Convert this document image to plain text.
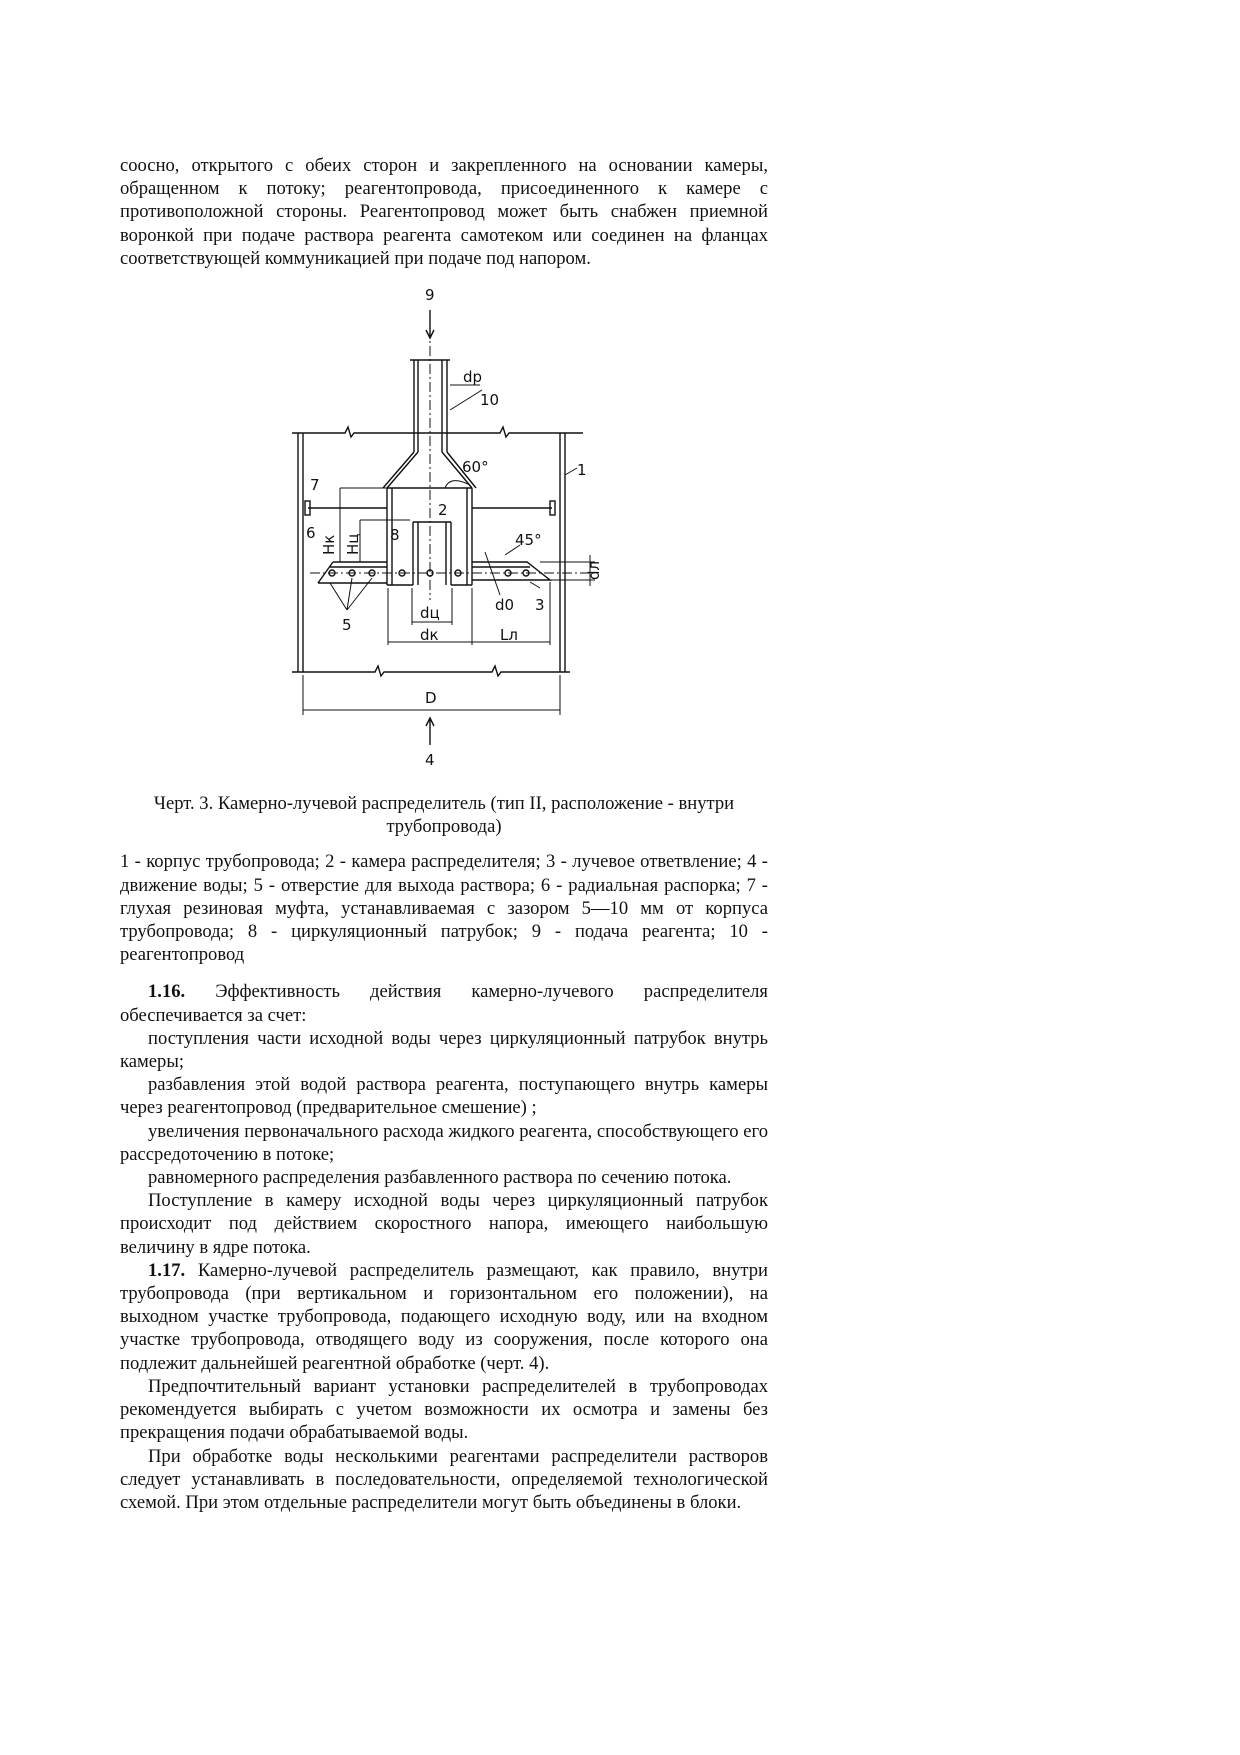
соосно, открытого с обеих сторон и закрепленного на основании камеры, обращенном к потоку; реагентопровода, присоединенного к камере с противоположной стороны. Реагентопровод может быть снабжен приемной воронкой при подаче раствора реагента самотеком или соединен на фланцах соответствующей коммуникацией при подаче под напором.

9
dр
10
60°	1
7
2
6
Hк Hц 8	45°
dл
d0 3
5
dц
dк	Lл
D
4

Черт. 3. Камерно-лучевой распределитель (тип II, расположение - внутри трубопровода)

1 - корпус трубопровода; 2 - камера распределителя; 3 - лучевое ответвление; 4 - движение воды; 5 - отверстие для выхода раствора; 6 - радиальная распорка; 7 - глухая резиновая муфта, устанавливаемая с зазором 5—10 мм от корпуса трубопровода; 8 - циркуляционный патрубок; 9 - подача реагента; 10 - реагентопровод

1.16. Эффективность действия камерно-лучевого распределителя обеспечивается за счет:

поступления части исходной воды через циркуляционный патрубок внутрь камеры;

разбавления этой водой раствора реагента, поступающего внутрь камеры через реагентопровод (предварительное смешение) ;

увеличения первоначального расхода жидкого реагента, способствующего его рассредоточению в потоке;

равномерного распределения разбавленного раствора по сечению потока.

Поступление в камеру исходной воды через циркуляционный патрубок происходит под действием скоростного напора, имеющего наибольшую величину в ядре потока.

1.17. Камерно-лучевой распределитель размещают, как правило, внутри трубопровода (при вертикальном и горизонтальном его положении), на выходном участке трубопровода, подающего исходную воду, или на входном участке трубопровода, отводящего воду из сооружения, после которого она подлежит дальнейшей реагентной обработке (черт. 4).

Предпочтительный вариант установки распределителей в трубопроводах рекомендуется выбирать с учетом возможности их осмотра и замены без прекращения подачи обрабатываемой воды.

При обработке воды несколькими реагентами распределители растворов следует устанавливать в последовательности, определяемой технологической схемой. При этом отдельные распределители могут быть объединены в блоки.
